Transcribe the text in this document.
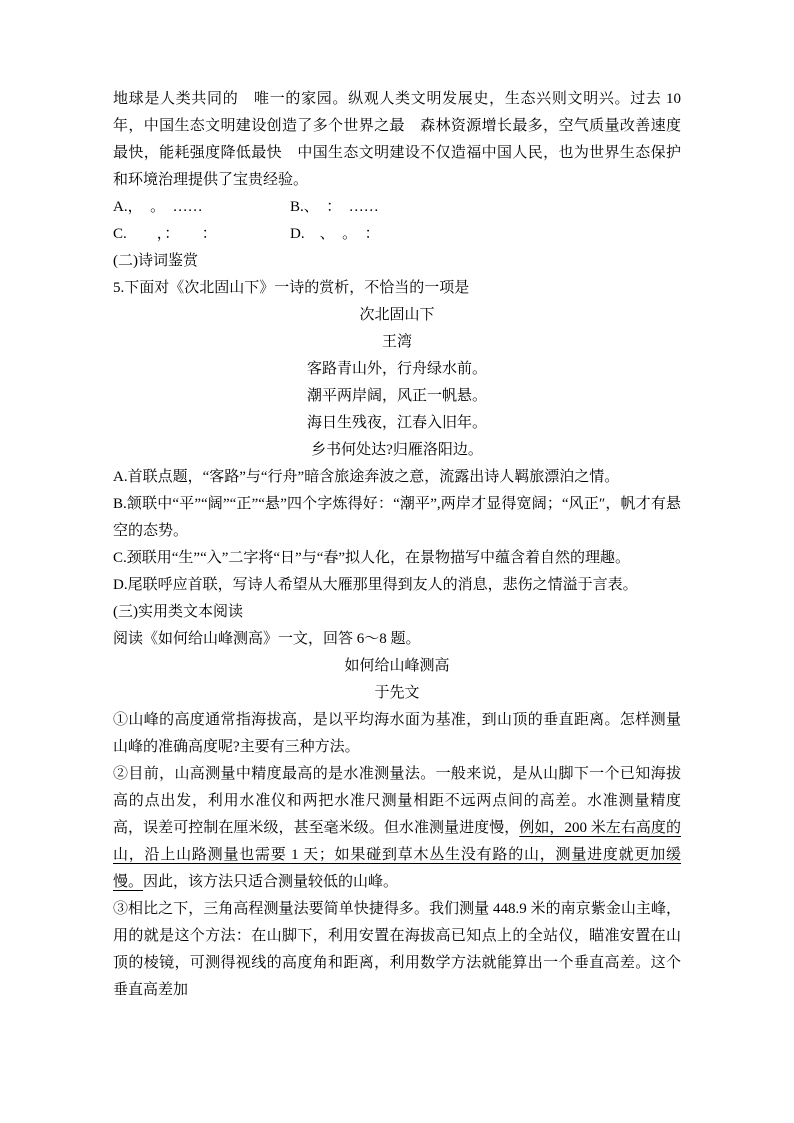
地球是人类共同的　唯一的家园。纵观人类文明发展史，生态兴则文明兴。过去 10 年，中国生态文明建设创造了多个世界之最　森林资源增长最多，空气质量改善速度最快，能耗强度降低最快　中国生态文明建设不仅造福中国人民，也为世界生态保护和环境治理提供了宝贵经验。

A.，　。　……	B.、　：　……
C.　　，：　　：	D.　、　。　：

(二)诗词鉴赏

5.下面对《次北固山下》一诗的赏析，不恰当的一项是

次北固山下

王湾

客路青山外，行舟绿水前。

潮平两岸阔，风正一帆悬。

海日生残夜，江春入旧年。

乡书何处达?归雁洛阳边。

A.首联点题，“客路”与“行舟”暗含旅途奔波之意，流露出诗人羁旅漂泊之情。

B.颔联中“平”“阔”“正”“悬”四个字炼得好：“潮平”,两岸才显得宽阔；“风正″，帆才有悬空的态势。

C.颈联用“生”“入”二字将“日”与“春”拟人化，在景物描写中蕴含着自然的理趣。

D.尾联呼应首联，写诗人希望从大雁那里得到友人的消息，悲伤之情溢于言表。

(三)实用类文本阅读

阅读《如何给山峰测高》一文，回答 6～8 题。

如何给山峰测高

于先文

①山峰的高度通常指海拔高，是以平均海水面为基准，到山顶的垂直距离。怎样测量山峰的准确高度呢?主要有三种方法。

②目前，山高测量中精度最高的是水准测量法。一般来说，是从山脚下一个已知海拔高的点出发，利用水准仪和两把水准尺测量相距不远两点间的高差。水准测量精度高，误差可控制在厘米级，甚至毫米级。但水准测量进度慢，例如，200 米左右高度的山，沿上山路测量也需要 1 天；如果碰到草木丛生没有路的山，测量进度就更加缓慢。因此，该方法只适合测量较低的山峰。

③相比之下，三角高程测量法要简单快捷得多。我们测量 448.9 米的南京紫金山主峰，用的就是这个方法：在山脚下，利用安置在海拔高已知点上的全站仪，瞄准安置在山顶的棱镜，可测得视线的高度角和距离，利用数学方法就能算出一个垂直高差。这个垂直高差加
